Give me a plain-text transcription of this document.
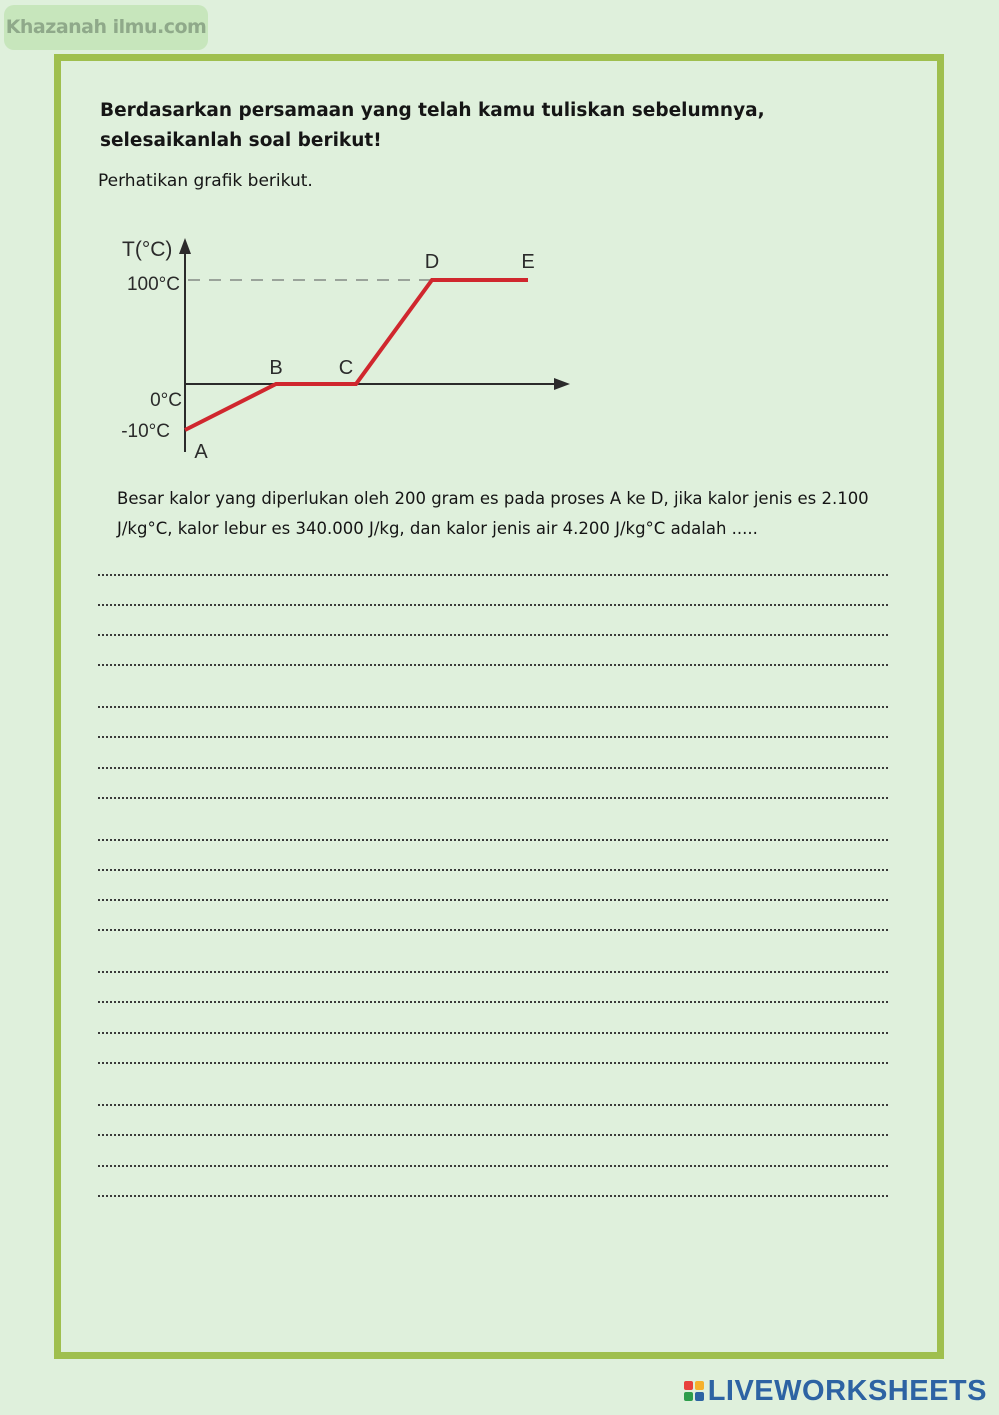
Khazanah ilmu.com

Berdasarkan persamaan yang telah kamu tuliskan sebelumnya, selesaikanlah soal berikut!

Perhatikan grafik berikut.

T(°C)
100°C
0°C
-10°C
A
B	C
D	E

Besar kalor yang diperlukan oleh 200 gram es pada proses A ke D, jika kalor jenis es 2.100 J/kg°C, kalor lebur es 340.000 J/kg, dan kalor jenis air 4.200 J/kg°C adalah .....

LIVEWORKSHEETS
